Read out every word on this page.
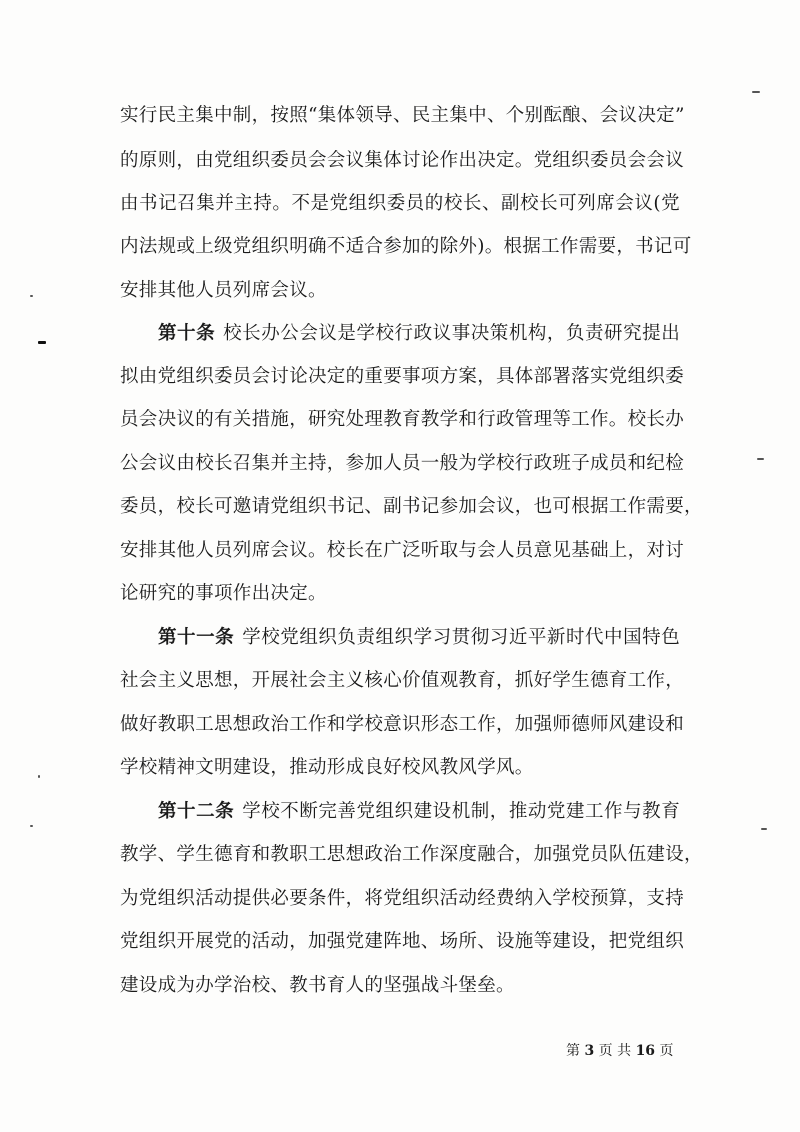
实行民主集中制，按照“集体领导、民主集中、个别酝酿、会议决定”
的原则，由党组织委员会会议集体讨论作出决定。党组织委员会会议
由书记召集并主持。不是党组织委员的校长、副校长可列席会议(党
内法规或上级党组织明确不适合参加的除外)。根据工作需要，书记可
安排其他人员列席会议。
第十条 校长办公会议是学校行政议事决策机构，负责研究提出
拟由党组织委员会讨论决定的重要事项方案，具体部署落实党组织委
员会决议的有关措施，研究处理教育教学和行政管理等工作。校长办
公会议由校长召集并主持，参加人员一般为学校行政班子成员和纪检
委员，校长可邀请党组织书记、副书记参加会议，也可根据工作需要，
安排其他人员列席会议。校长在广泛听取与会人员意见基础上，对讨
论研究的事项作出决定。
第十一条 学校党组织负责组织学习贯彻习近平新时代中国特色
社会主义思想，开展社会主义核心价值观教育，抓好学生德育工作，
做好教职工思想政治工作和学校意识形态工作，加强师德师风建设和
学校精神文明建设，推动形成良好校风教风学风。
第十二条 学校不断完善党组织建设机制，推动党建工作与教育
教学、学生德育和教职工思想政治工作深度融合，加强党员队伍建设，
为党组织活动提供必要条件，将党组织活动经费纳入学校预算，支持
党组织开展党的活动，加强党建阵地、场所、设施等建设，把党组织
建设成为办学治校、教书育人的坚强战斗堡垒。
第 3 页 共 16 页
